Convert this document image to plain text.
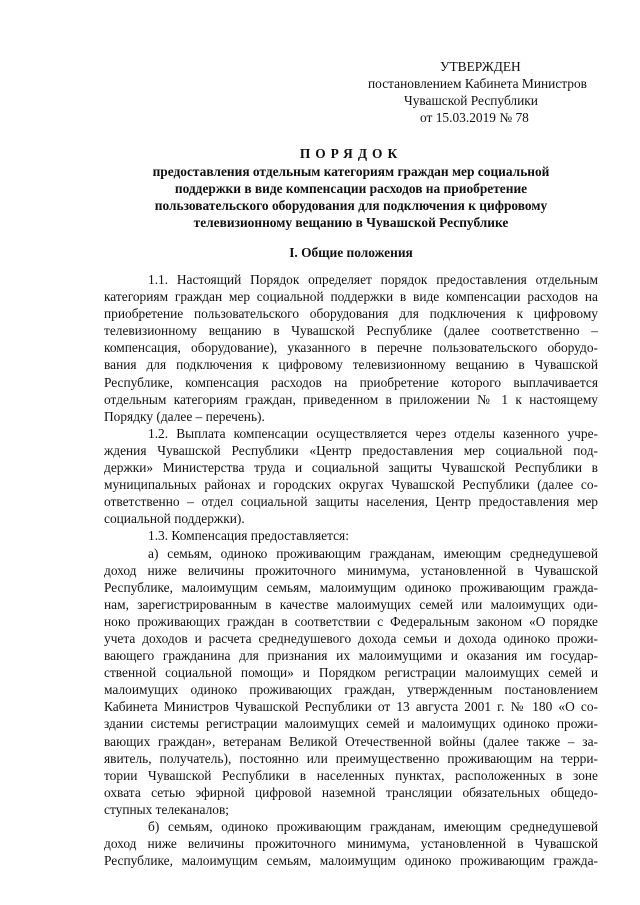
УТВЕРЖДЕН
постановлением Кабинета Министров
Чувашской Республики
от 15.03.2019 № 78
ПОРЯДОК
предоставления отдельным категориям граждан мер социальной
поддержки в виде компенсации расходов на приобретение
пользовательского оборудования для подключения к цифровому
телевизионному вещанию в Чувашской Республике
I. Общие положения
1.1. Настоящий Порядок определяет порядок предоставления отдельным
категориям граждан мер социальной поддержки в виде компенсации расходов на
приобретение пользовательского оборудования для подключения к цифровому
телевизионному вещанию в Чувашской Республике (далее соответственно –
компенсация, оборудование), указанного в перечне пользовательского оборудо-
вания для подключения к цифровому телевизионному вещанию в Чувашской
Республике, компенсация расходов на приобретение которого выплачивается
отдельным категориям граждан, приведенном в приложении № 1 к настоящему
Порядку (далее – перечень).
1.2. Выплата компенсации осуществляется через отделы казенного учре-
ждения Чувашской Республики «Центр предоставления мер социальной под-
держки» Министерства труда и социальной защиты Чувашской Республики в
муниципальных районах и городских округах Чувашской Республики (далее со-
ответственно – отдел социальной защиты населения, Центр предоставления мер
социальной поддержки).
1.3. Компенсация предоставляется:
а) семьям, одиноко проживающим гражданам, имеющим среднедушевой
доход ниже величины прожиточного минимума, установленной в Чувашской
Республике, малоимущим семьям, малоимущим одиноко проживающим гражда-
нам, зарегистрированным в качестве малоимущих семей или малоимущих оди-
ноко проживающих граждан в соответствии с Федеральным законом «О порядке
учета доходов и расчета среднедушевого дохода семьи и дохода одиноко прожи-
вающего гражданина для признания их малоимущими и оказания им государ-
ственной социальной помощи» и Порядком регистрации малоимущих семей и
малоимущих одиноко проживающих граждан, утвержденным постановлением
Кабинета Министров Чувашской Республики от 13 августа 2001 г. № 180 «О со-
здании системы регистрации малоимущих семей и малоимущих одиноко прожи-
вающих граждан», ветеранам Великой Отечественной войны (далее также – за-
явитель, получатель), постоянно или преимущественно проживающим на терри-
тории Чувашской Республики в населенных пунктах, расположенных в зоне
охвата сетью эфирной цифровой наземной трансляции обязательных общедо-
ступных телеканалов;
б) семьям, одиноко проживающим гражданам, имеющим среднедушевой
доход ниже величины прожиточного минимума, установленной в Чувашской
Республике, малоимущим семьям, малоимущим одиноко проживающим гражда-
